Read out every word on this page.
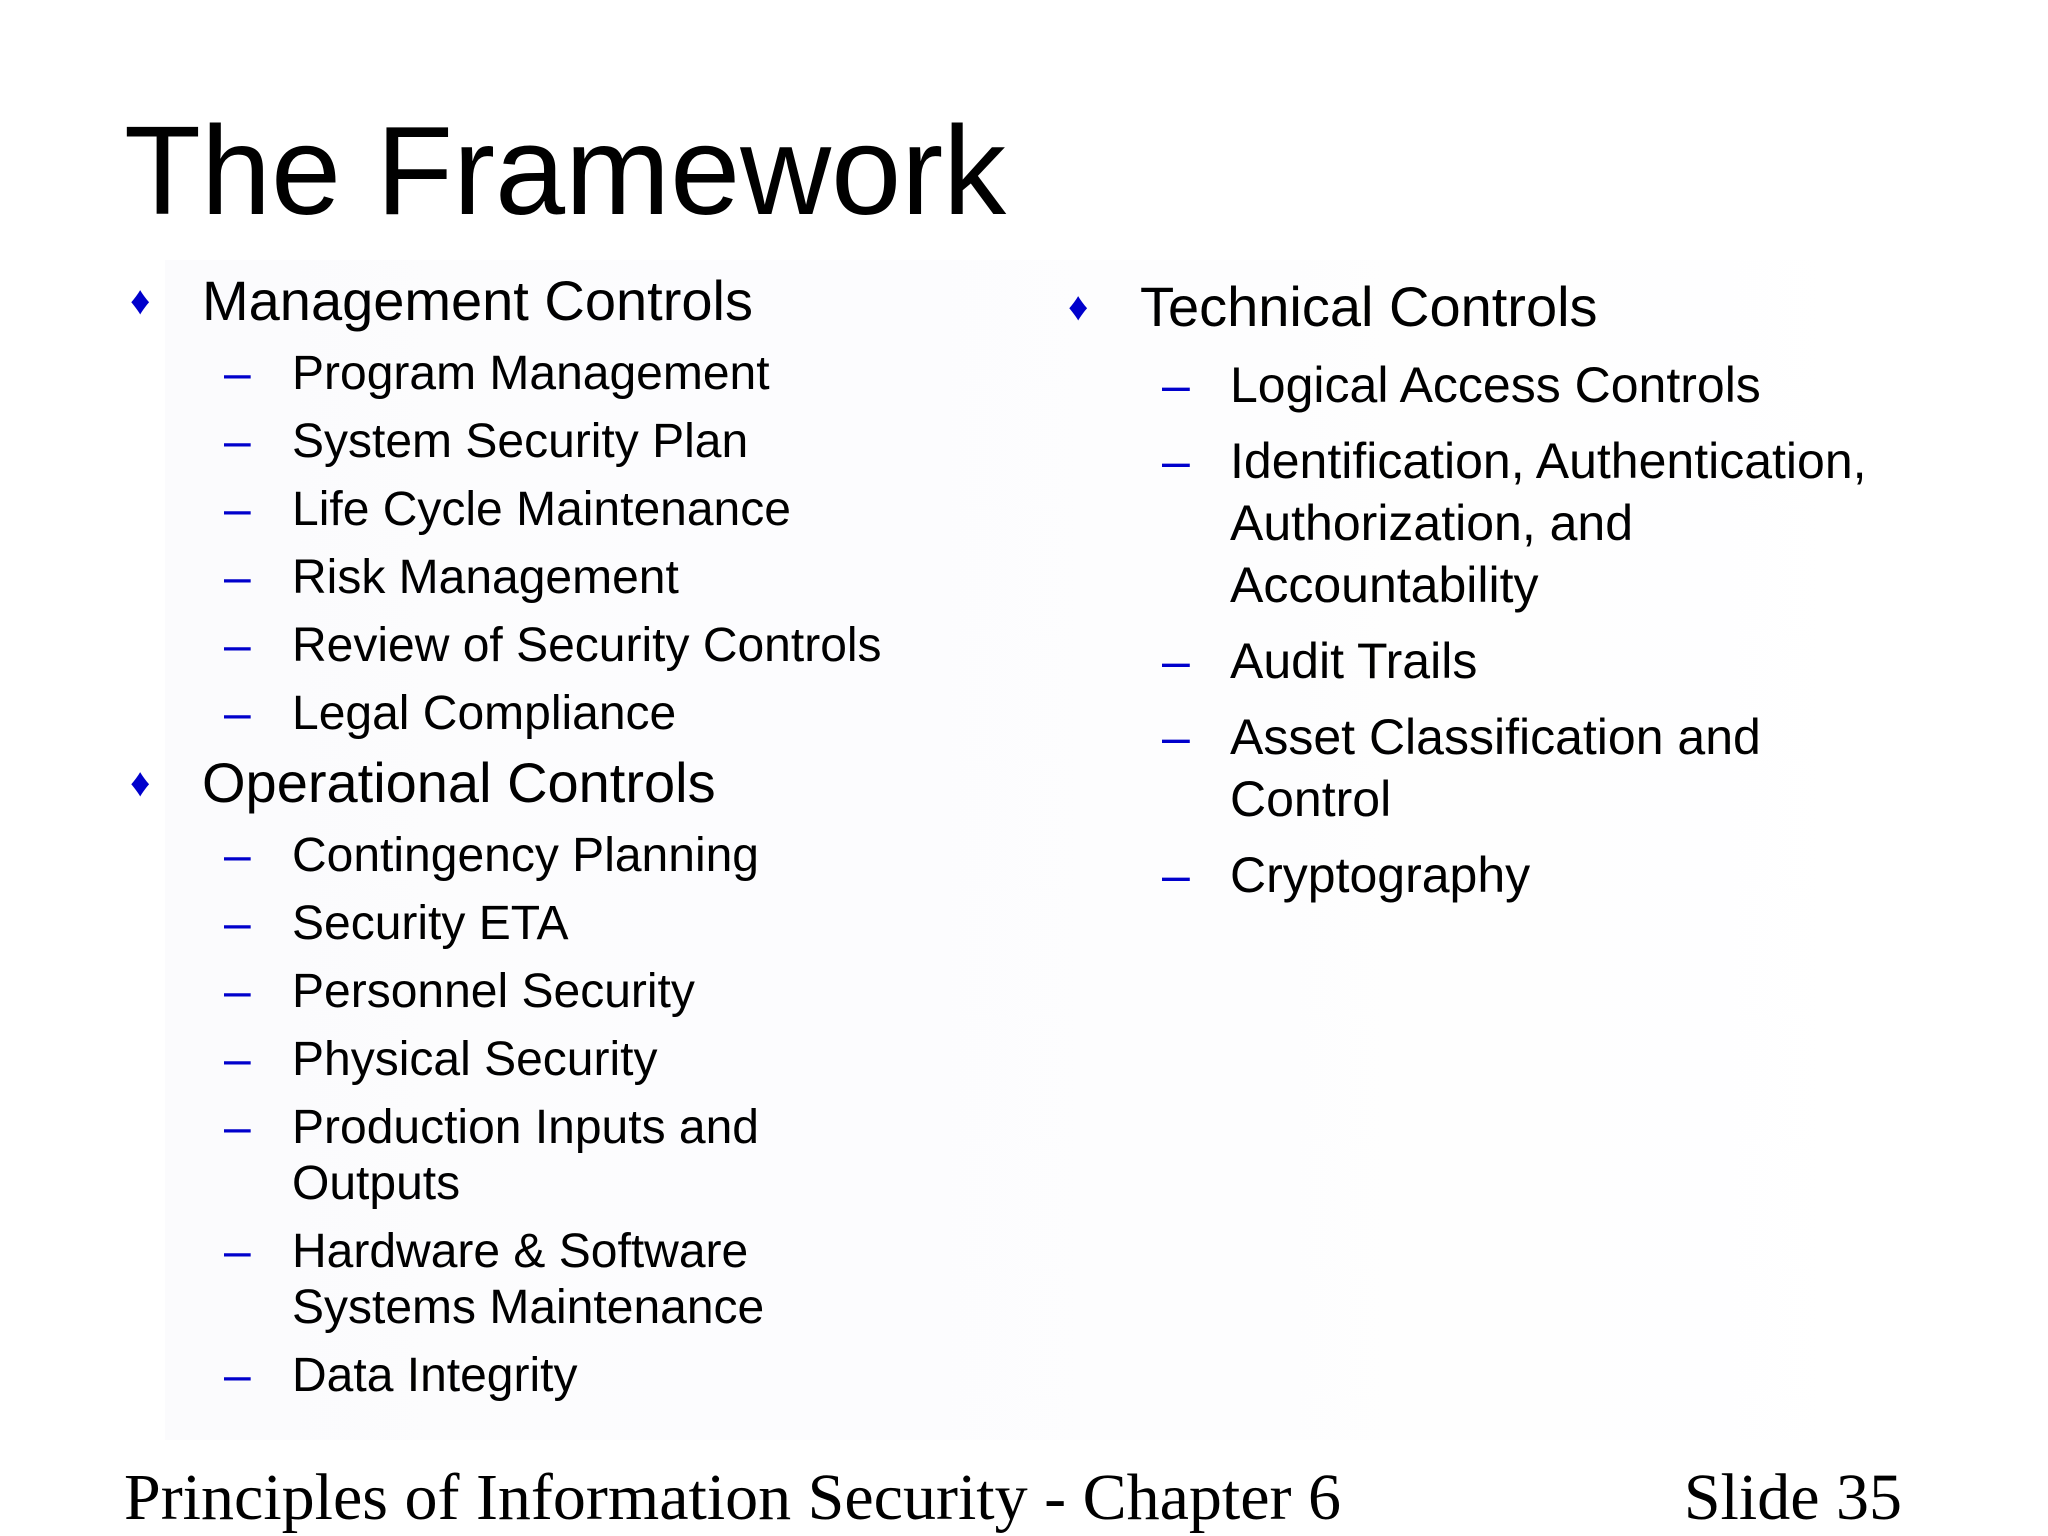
The Framework
♦ Management Controls
– Program Management
– System Security Plan
– Life Cycle Maintenance
– Risk Management
– Review of Security Controls
– Legal Compliance
♦ Operational Controls
– Contingency Planning
– Security ETA
– Personnel Security
– Physical Security
– Production Inputs and
Outputs
– Hardware & Software
Systems Maintenance
– Data Integrity
♦ Technical Controls
– Logical Access Controls
– Identification, Authentication,
Authorization, and
Accountability
– Audit Trails
– Asset Classification and
Control
– Cryptography
Principles of Information Security - Chapter 6	Slide 35
